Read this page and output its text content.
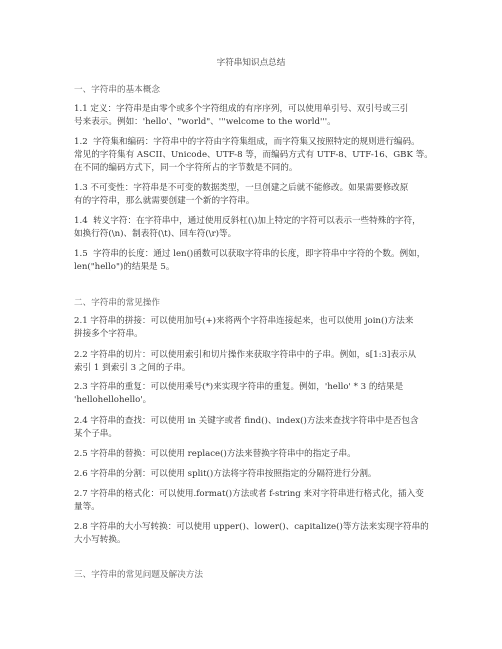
字符串知识点总结
一、字符串的基本概念

1.1 定义：字符串是由零个或多个字符组成的有序序列，可以使用单引号、双引号或三引
号来表示。例如：'hello'、"world"、'''welcome to the world'''。

1.2  字符集和编码：字符串中的字符由字符集组成，而字符集又按照特定的规则进行编码。
常见的字符集有 ASCII、Unicode、UTF-8 等，而编码方式有 UTF-8、UTF-16、GBK 等。
在不同的编码方式下，同一个字符所占的字节数是不同的。

1.3 不可变性：字符串是不可变的数据类型，一旦创建之后就不能修改。如果需要修改原
有的字符串，那么就需要创建一个新的字符串。

1.4  转义字符：在字符串中，通过使用反斜杠(\)加上特定的字符可以表示一些特殊的字符，
如换行符(\n)、制表符(\t)、回车符(\r)等。

1.5  字符串的长度：通过 len()函数可以获取字符串的长度，即字符串中字符的个数。例如，
len("hello")的结果是 5。

二、字符串的常见操作

2.1 字符串的拼接：可以使用加号(+)来将两个字符串连接起来，也可以使用 join()方法来
拼接多个字符串。

2.2 字符串的切片：可以使用索引和切片操作来获取字符串中的子串。例如，s[1:3]表示从
索引 1 到索引 3 之间的子串。

2.3 字符串的重复：可以使用乘号(*)来实现字符串的重复。例如，'hello' * 3 的结果是
'hellohellohello'。

2.4 字符串的查找：可以使用 in 关键字或者 find()、index()方法来查找字符串中是否包含
某个子串。

2.5 字符串的替换：可以使用 replace()方法来替换字符串中的指定子串。

2.6 字符串的分割：可以使用 split()方法将字符串按照指定的分隔符进行分割。

2.7 字符串的格式化：可以使用.format()方法或者 f-string 来对字符串进行格式化，插入变
量等。

2.8 字符串的大小写转换：可以使用 upper()、lower()、capitalize()等方法来实现字符串的
大小写转换。

三、字符串的常见问题及解决方法
